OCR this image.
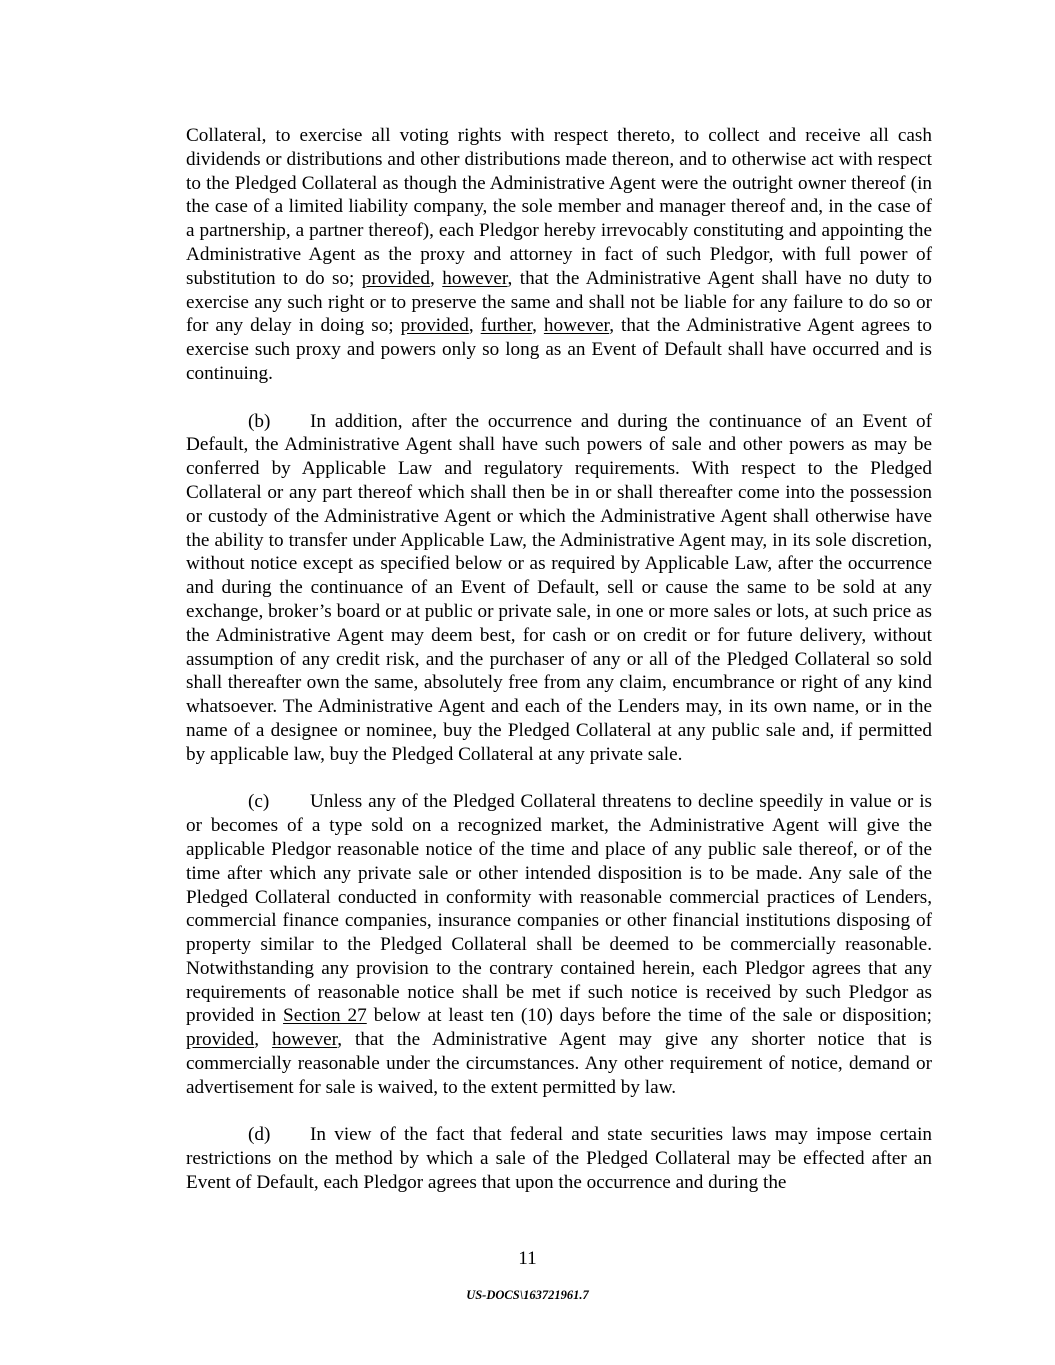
Collateral, to exercise all voting rights with respect thereto, to collect and receive all cash dividends or distributions and other distributions made thereon, and to otherwise act with respect to the Pledged Collateral as though the Administrative Agent were the outright owner thereof (in the case of a limited liability company, the sole member and manager thereof and, in the case of a partnership, a partner thereof), each Pledgor hereby irrevocably constituting and appointing the Administrative Agent as the proxy and attorney in fact of such Pledgor, with full power of substitution to do so; provided, however, that the Administrative Agent shall have no duty to exercise any such right or to preserve the same and shall not be liable for any failure to do so or for any delay in doing so; provided, further, however, that the Administrative Agent agrees to exercise such proxy and powers only so long as an Event of Default shall have occurred and is continuing.

(b) In addition, after the occurrence and during the continuance of an Event of Default, the Administrative Agent shall have such powers of sale and other powers as may be conferred by Applicable Law and regulatory requirements. With respect to the Pledged Collateral or any part thereof which shall then be in or shall thereafter come into the possession or custody of the Administrative Agent or which the Administrative Agent shall otherwise have the ability to transfer under Applicable Law, the Administrative Agent may, in its sole discretion, without notice except as specified below or as required by Applicable Law, after the occurrence and during the continuance of an Event of Default, sell or cause the same to be sold at any exchange, broker’s board or at public or private sale, in one or more sales or lots, at such price as the Administrative Agent may deem best, for cash or on credit or for future delivery, without assumption of any credit risk, and the purchaser of any or all of the Pledged Collateral so sold shall thereafter own the same, absolutely free from any claim, encumbrance or right of any kind whatsoever. The Administrative Agent and each of the Lenders may, in its own name, or in the name of a designee or nominee, buy the Pledged Collateral at any public sale and, if permitted by applicable law, buy the Pledged Collateral at any private sale.

(c) Unless any of the Pledged Collateral threatens to decline speedily in value or is or becomes of a type sold on a recognized market, the Administrative Agent will give the applicable Pledgor reasonable notice of the time and place of any public sale thereof, or of the time after which any private sale or other intended disposition is to be made. Any sale of the Pledged Collateral conducted in conformity with reasonable commercial practices of Lenders, commercial finance companies, insurance companies or other financial institutions disposing of property similar to the Pledged Collateral shall be deemed to be commercially reasonable. Notwithstanding any provision to the contrary contained herein, each Pledgor agrees that any requirements of reasonable notice shall be met if such notice is received by such Pledgor as provided in Section 27 below at least ten (10) days before the time of the sale or disposition; provided, however, that the Administrative Agent may give any shorter notice that is commercially reasonable under the circumstances. Any other requirement of notice, demand or advertisement for sale is waived, to the extent permitted by law.

(d) In view of the fact that federal and state securities laws may impose certain restrictions on the method by which a sale of the Pledged Collateral may be effected after an Event of Default, each Pledgor agrees that upon the occurrence and during the

11
US-DOCS\163721961.7
